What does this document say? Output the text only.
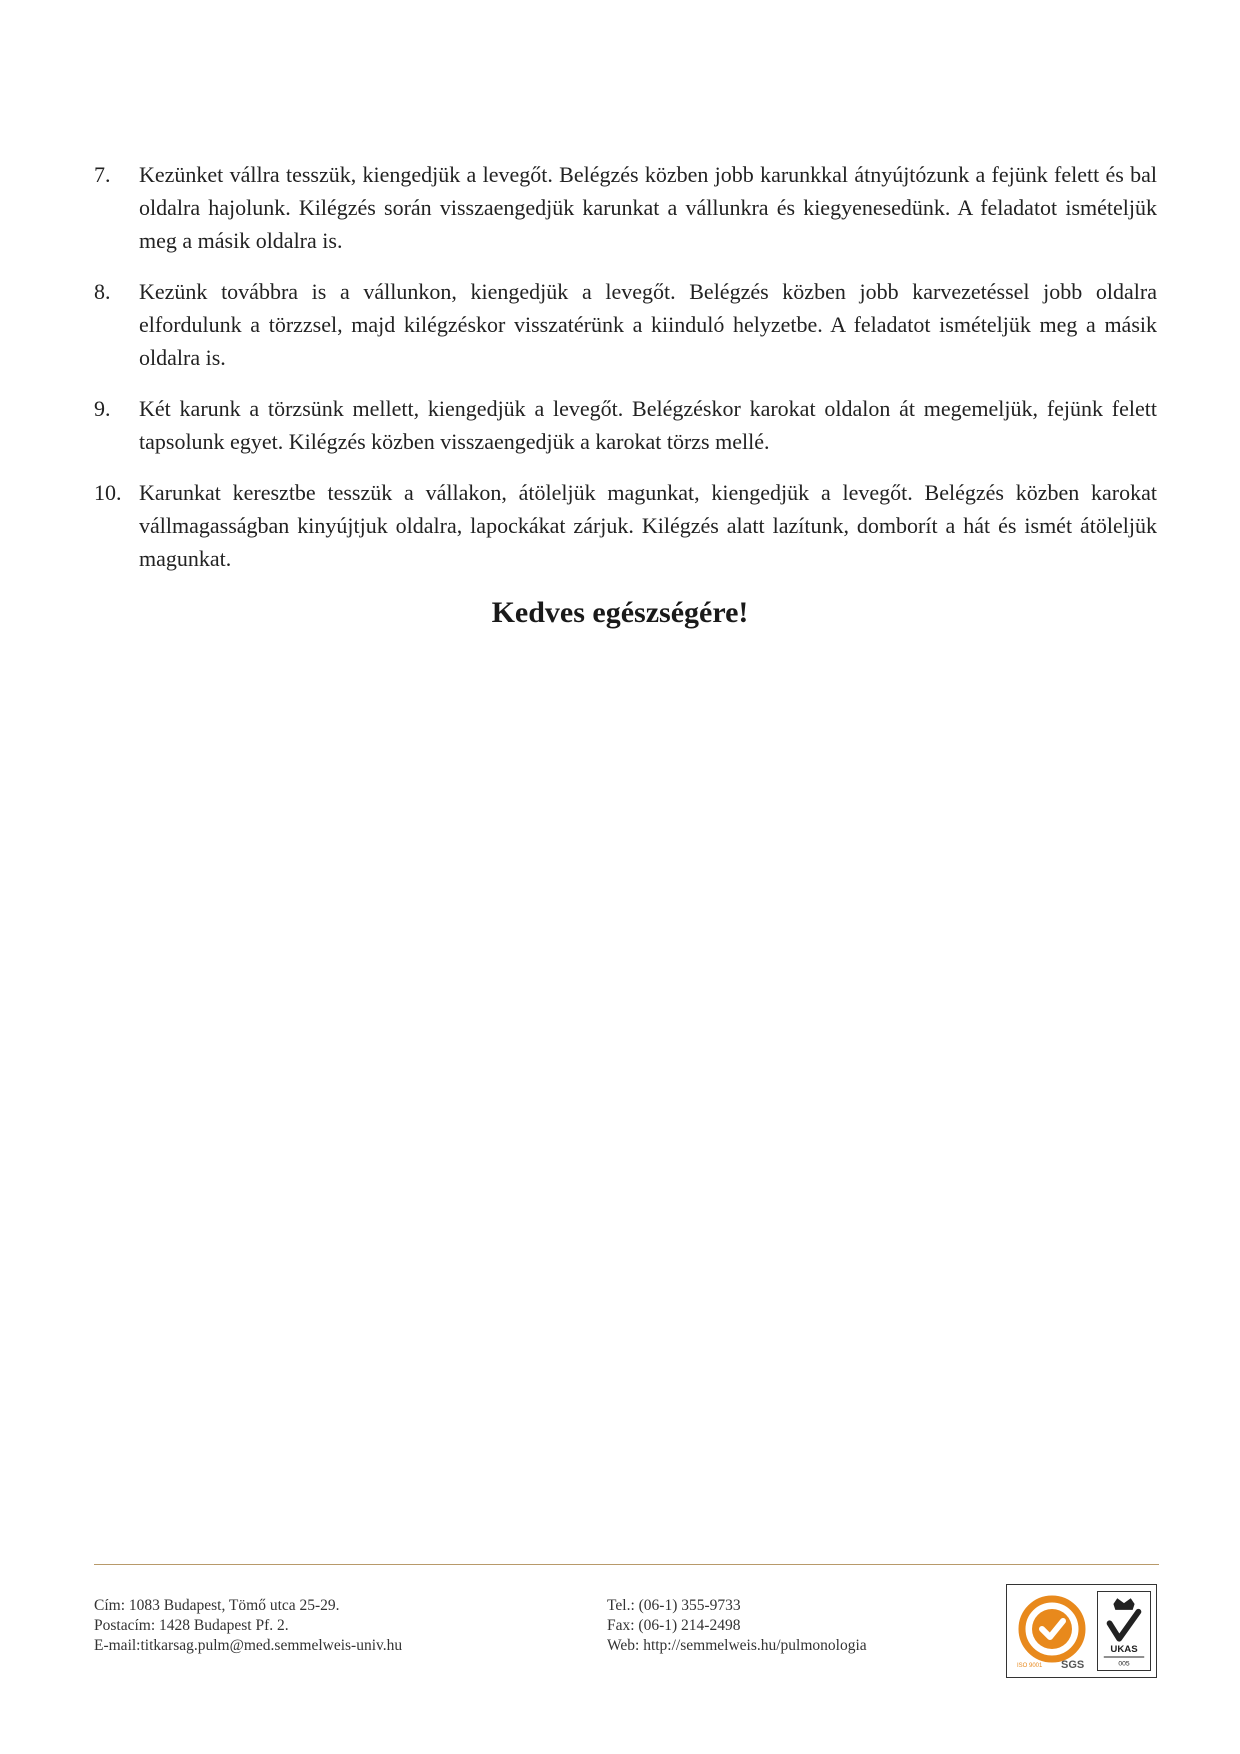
7.	Kezünket vállra tesszük, kiengedjük a levegőt. Belégzés közben jobb karunkkal átnyújtózunk a fejünk felett és bal oldalra hajolunk. Kilégzés során visszaengedjük karunkat a vállunkra és kiegyenesedünk. A feladatot ismételjük meg a másik oldalra is.
8.	Kezünk továbbra is a vállunkon, kiengedjük a levegőt. Belégzés közben jobb karvezetéssel jobb oldalra elfordulunk a törzzsel, majd kilégzéskor visszatérünk a kiinduló helyzetbe. A feladatot ismételjük meg a másik oldalra is.
9.	Két karunk a törzsünk mellett, kiengedjük a levegőt. Belégzéskor karokat oldalon át megemeljük, fejünk felett tapsolunk egyet. Kilégzés közben visszaengedjük a karokat törzs mellé.
10. Karunkat keresztbe tesszük a vállakon, átöleljük magunkat, kiengedjük a levegőt. Belégzés közben karokat vállmagasságban kinyújtjuk oldalra, lapockákat zárjuk. Kilégzés alatt lazítunk, domborít a hát és ismét átöleljük magunkat.
Kedves egészségére!
Cím: 1083 Budapest, Tömő utca 25-29.
Postacím: 1428 Budapest Pf. 2.
E-mail:titkarsag.pulm@med.semmelweis-univ.hu
Tel.: (06-1) 355-9733
Fax: (06-1) 214-2498
Web: http://semmelweis.hu/pulmonologia
ISO 9001 SGS
UKAS
005
